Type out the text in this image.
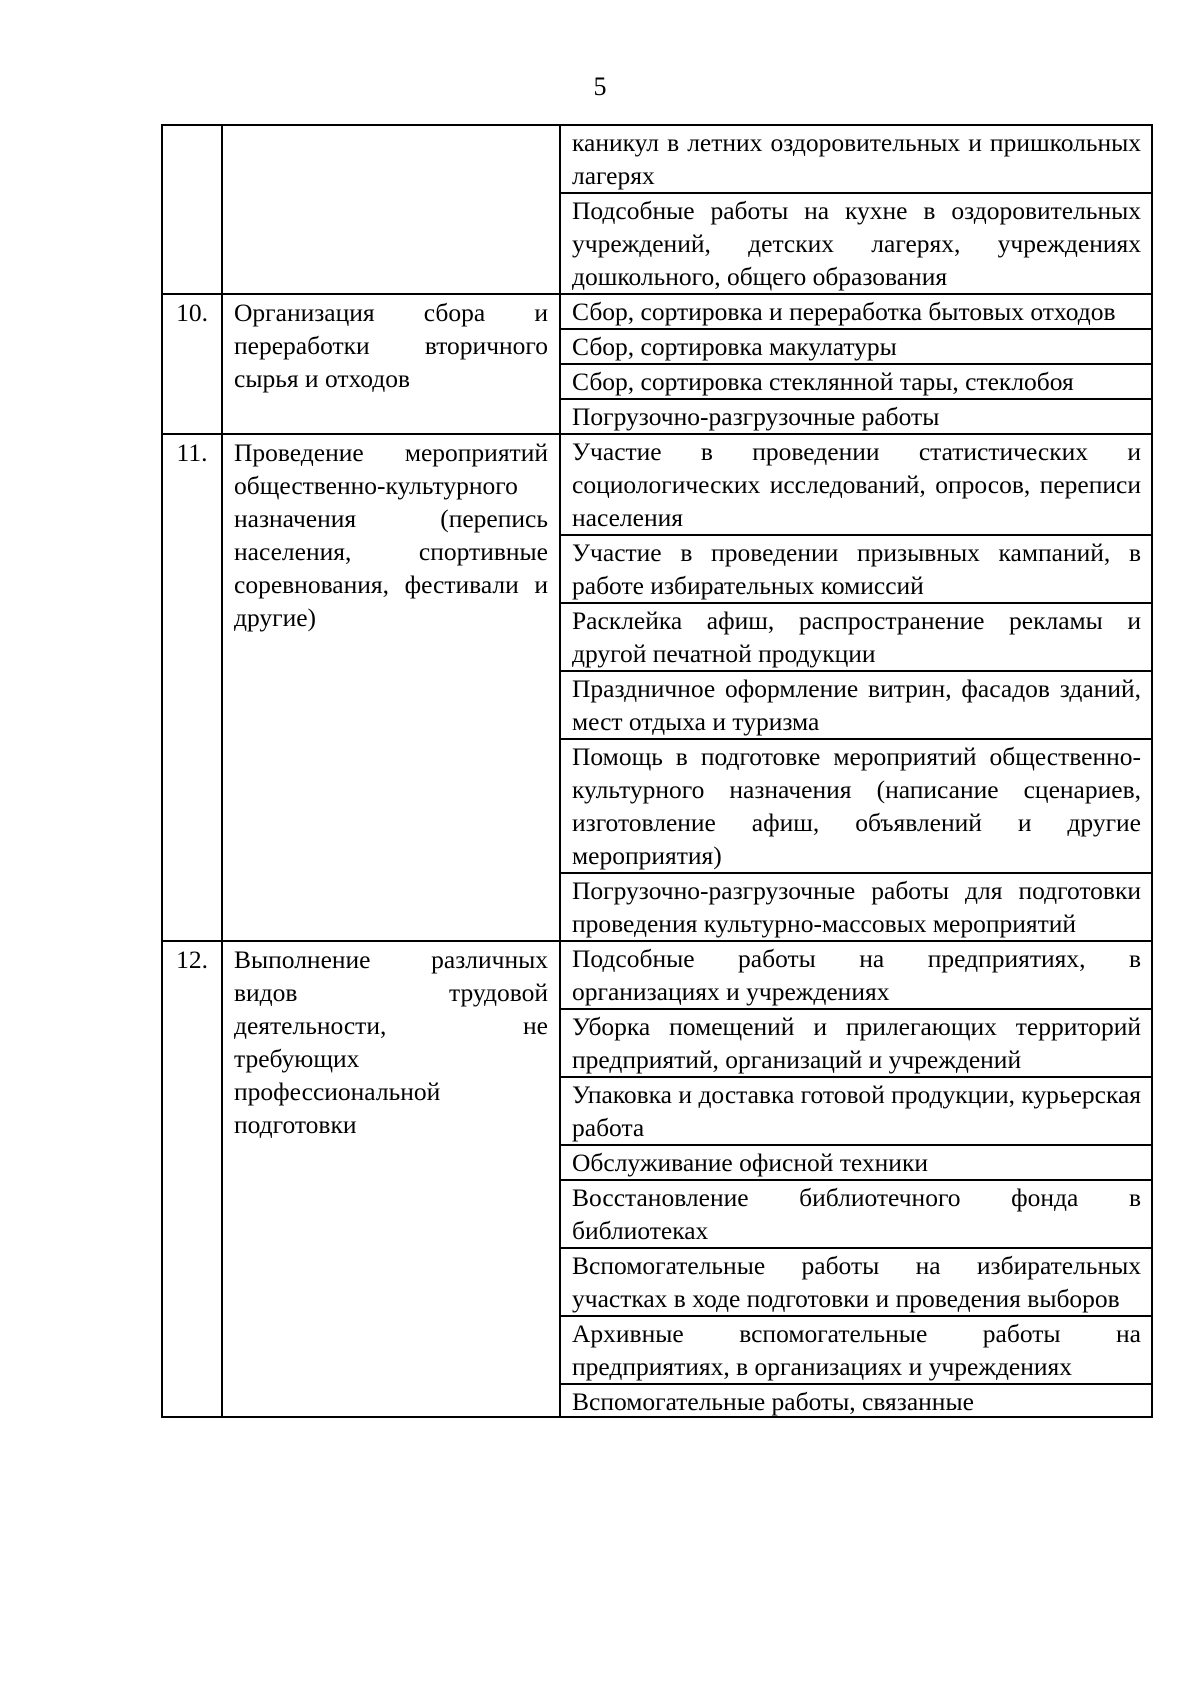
5
		каникул в летних оздоровительных и пришкольных лагерях
		Подсобные работы на кухне в оздоровительных учреждений, детских лагерях, учреждениях дошкольного, общего образования
10.	Организация сбора и переработки вторичного сырья и отходов	Сбор, сортировка и переработка бытовых отходов
		Сбор, сортировка макулатуры
		Сбор, сортировка стеклянной тары, стеклобоя
		Погрузочно-разгрузочные работы
11.	Проведение мероприятий общественно-культурного назначения (перепись населения, спортивные соревнования, фестивали и другие)	Участие в проведении статистических и социологических исследований, опросов, переписи населения
		Участие в проведении призывных кампаний, в работе избирательных комиссий
		Расклейка афиш, распространение рекламы и другой печатной продукции
		Праздничное оформление витрин, фасадов зданий, мест отдыха и туризма
		Помощь в подготовке мероприятий общественно-культурного назначения (написание сценариев, изготовление афиш, объявлений и другие мероприятия)
		Погрузочно-разгрузочные работы для подготовки проведения культурно-массовых мероприятий
12.	Выполнение различных видов трудовой деятельности, не требующих профессиональной подготовки	Подсобные работы на предприятиях, в организациях и учреждениях
		Уборка помещений и прилегающих территорий предприятий, организаций и учреждений
		Упаковка и доставка готовой продукции, курьерская работа
		Обслуживание офисной техники
		Восстановление библиотечного фонда в библиотеках
		Вспомогательные работы на избирательных участках в ходе подготовки и проведения выборов
		Архивные вспомогательные работы на предприятиях, в организациях и учреждениях

		Вспомогательные работы, связанные
